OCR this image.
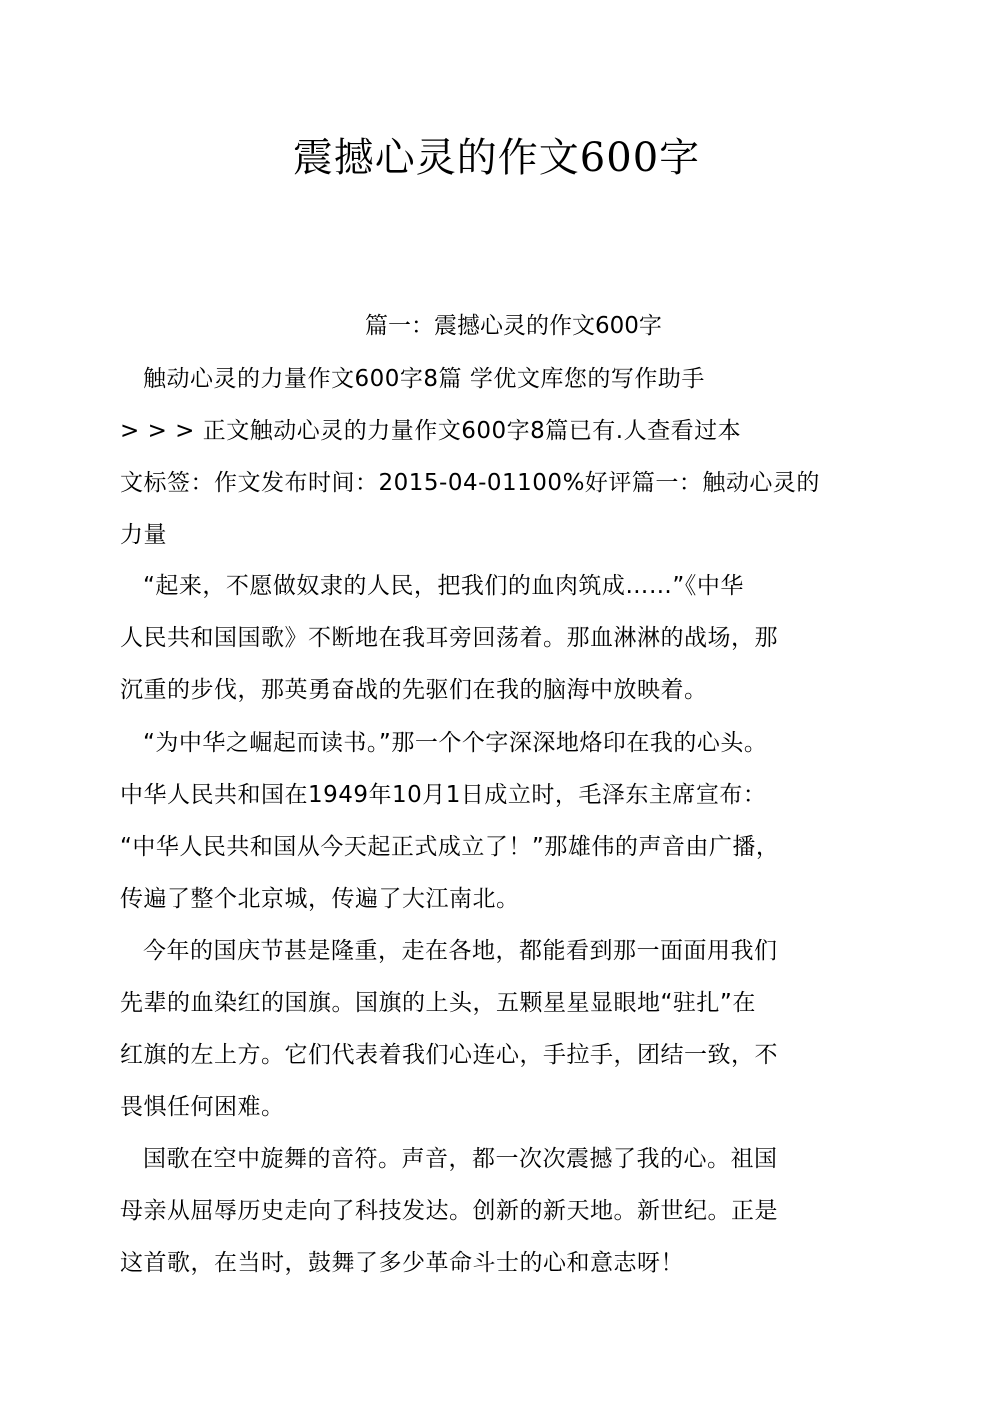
震撼心灵的作文600字
篇一：震撼心灵的作文600字
触动心灵的力量作文600字8篇 学优文库您的写作助手
> > > 正文触动心灵的力量作文600字8篇已有.人查看过本
文标签：作文发布时间：2015-04-01100%好评篇一：触动心灵的
力量
“起来，不愿做奴隶的人民，把我们的血肉筑成……”《中华
人民共和国国歌》不断地在我耳旁回荡着。那血淋淋的战场，那
沉重的步伐，那英勇奋战的先驱们在我的脑海中放映着。
“为中华之崛起而读书。”那一个个字深深地烙印在我的心头。
中华人民共和国在1949年10月1日成立时，毛泽东主席宣布：
“中华人民共和国从今天起正式成立了！”那雄伟的声音由广播，
传遍了整个北京城，传遍了大江南北。
今年的国庆节甚是隆重，走在各地，都能看到那一面面用我们
先辈的血染红的国旗。国旗的上头，五颗星星显眼地“驻扎”在
红旗的左上方。它们代表着我们心连心，手拉手，团结一致，不
畏惧任何困难。
国歌在空中旋舞的音符。声音，都一次次震撼了我的心。祖国
母亲从屈辱历史走向了科技发达。创新的新天地。新世纪。正是
这首歌，在当时，鼓舞了多少革命斗士的心和意志呀！
